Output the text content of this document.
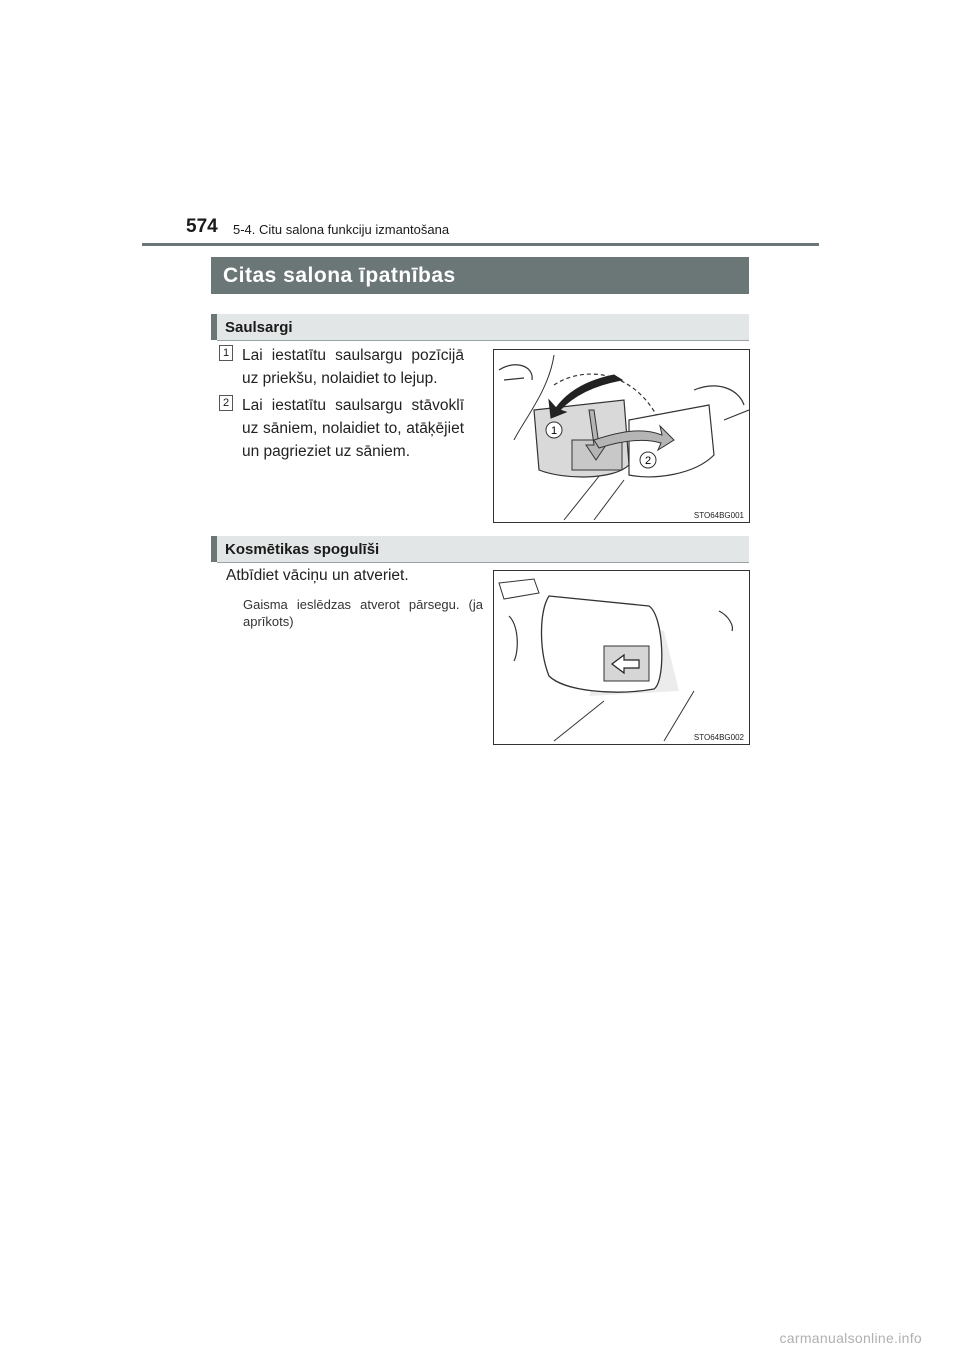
574 5-4. Citu salona funkciju izmantošana
Citas salona īpatnības
Saulsargi
1 Lai iestatītu saulsargu pozīcijā uz priekšu, nolaidiet to lejup.
2 Lai iestatītu saulsargu stāvoklī uz sāniem, nolaidiet to, atāķējiet un pagrieziet uz sāniem.
1
2
STO64BG001
Kosmētikas spogulīši
Atbīdiet vāciņu un atveriet.
Gaisma ieslēdzas atverot pārsegu. (ja aprīkots)
STO64BG002
carmanualsonline.info
